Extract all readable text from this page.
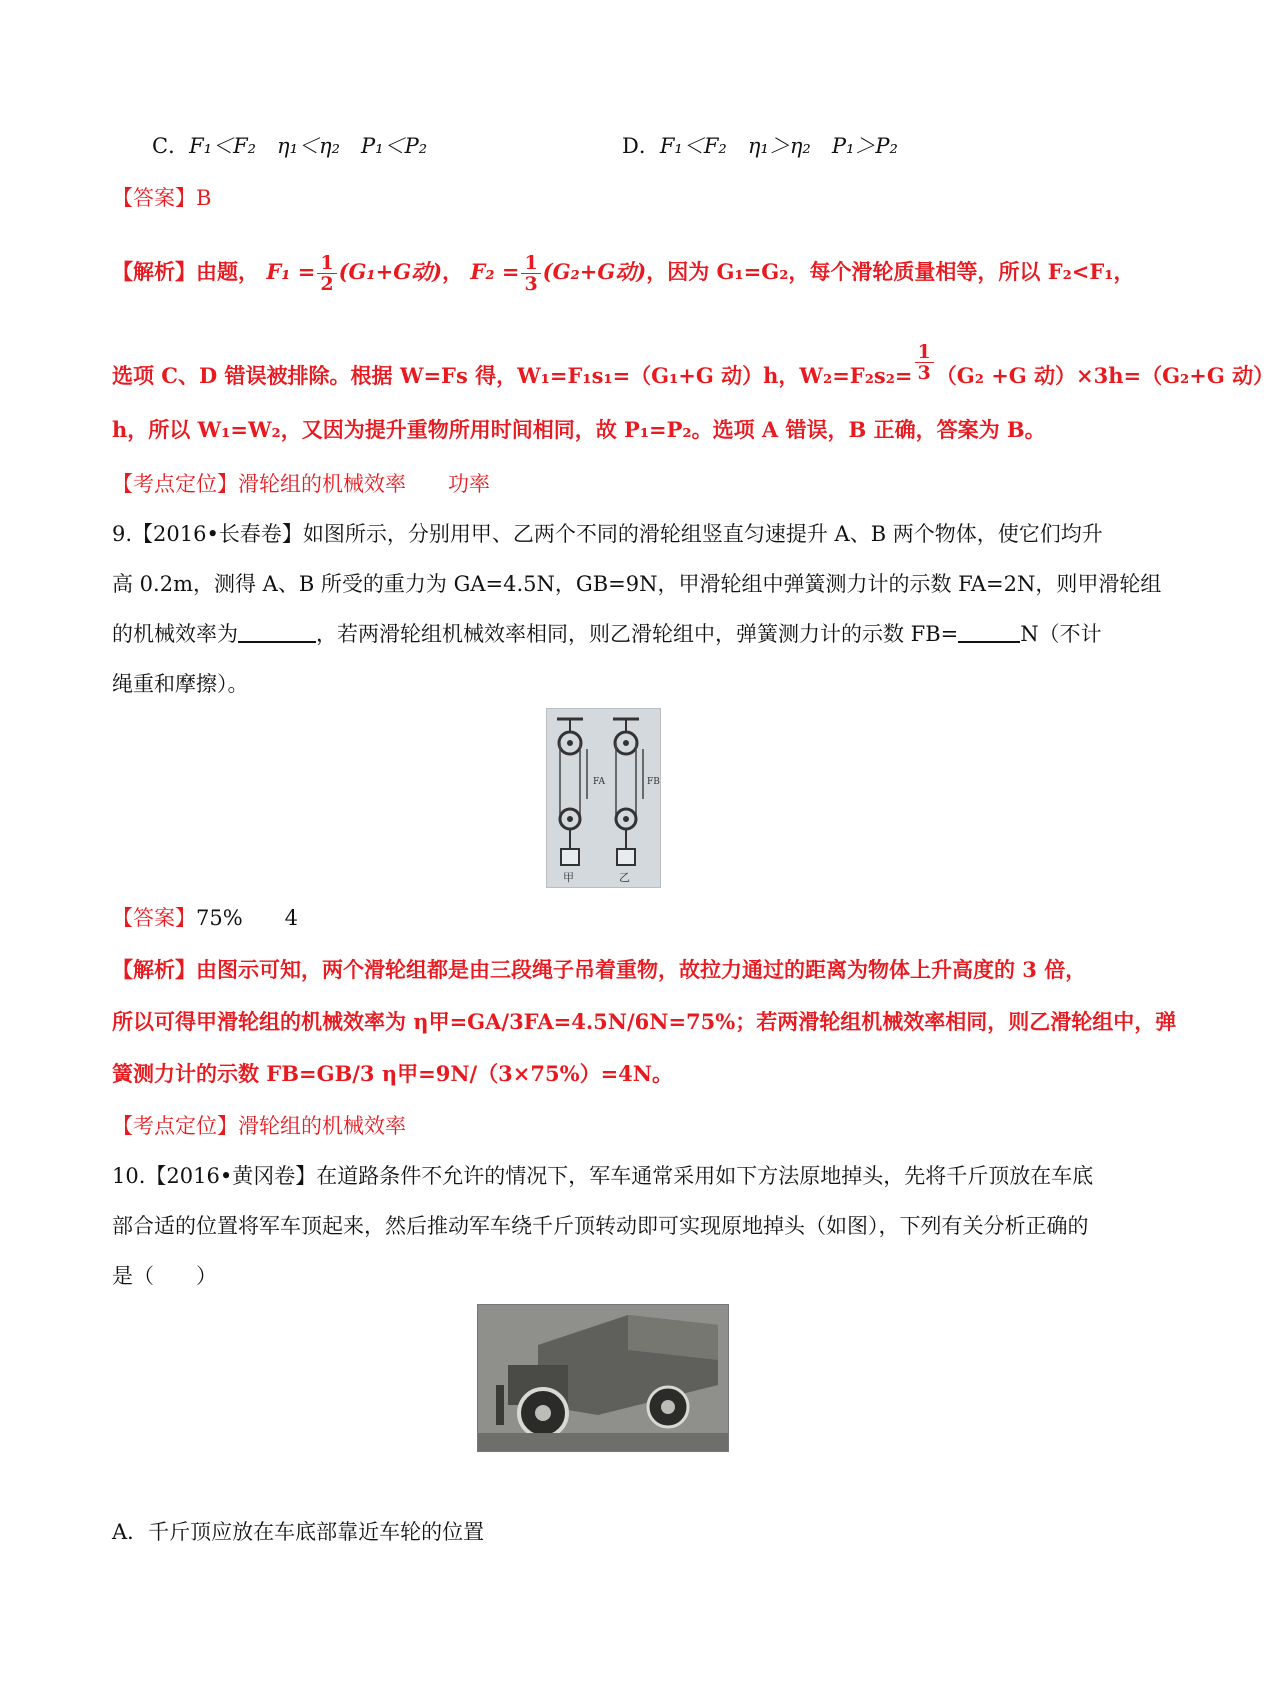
C．F₁＜F₂　η₁＜η₂　P₁＜P₂	D．F₁＜F₂　η₁＞η₂　P₁＞P₂
【答案】B
【解析】由题， $F_1 = \frac{1}{2} (G_1+G$动)， $F_2 = \frac{1}{3} (G_2+G$动)，因为 G₁=G₂，每个滑轮质量相等，所以 F₂<F₁，
选项 C、D 错误被排除。根据 W=Fs 得，W₁=F₁s₁=（G₁+G 动）h，$W_2=F_2s_2= \frac{1}{3} (G_2 +G$ 动）×3h=（G₂+G 动）
h，所以 W₁=W₂，又因为提升重物所用时间相同，故 P₁=P₂。选项 A 错误，B 正确，答案为 B。
【考点定位】滑轮组的机械效率　　功率
9.【2016•长春卷】如图所示，分别用甲、乙两个不同的滑轮组竖直匀速提升 A、B 两个物体，使它们均升
高 0.2m，测得 A、B 所受的重力为 GA=4.5N，GB=9N，甲滑轮组中弹簧测力计的示数 FA=2N，则甲滑轮组
的机械效率为	，若两滑轮组机械效率相同，则乙滑轮组中，弹簧测力计的示数 FB=	N（不计
绳重和摩擦）。
FA	FB
甲	乙
【答案】75%　　4
【解析】由图示可知，两个滑轮组都是由三段绳子吊着重物，故拉力通过的距离为物体上升高度的 3 倍，
所以可得甲滑轮组的机械效率为 η甲=GA/3FA=4.5N/6N=75%；若两滑轮组机械效率相同，则乙滑轮组中，弹
簧测力计的示数 FB=GB/3 η甲=9N/（3×75%）=4N。
【考点定位】滑轮组的机械效率
10.【2016•黄冈卷】在道路条件不允许的情况下，军车通常采用如下方法原地掉头，先将千斤顶放在车底
部合适的位置将军车顶起来，然后推动军车绕千斤顶转动即可实现原地掉头（如图），下列有关分析正确的
是（　　）
A．千斤顶应放在车底部靠近车轮的位置
